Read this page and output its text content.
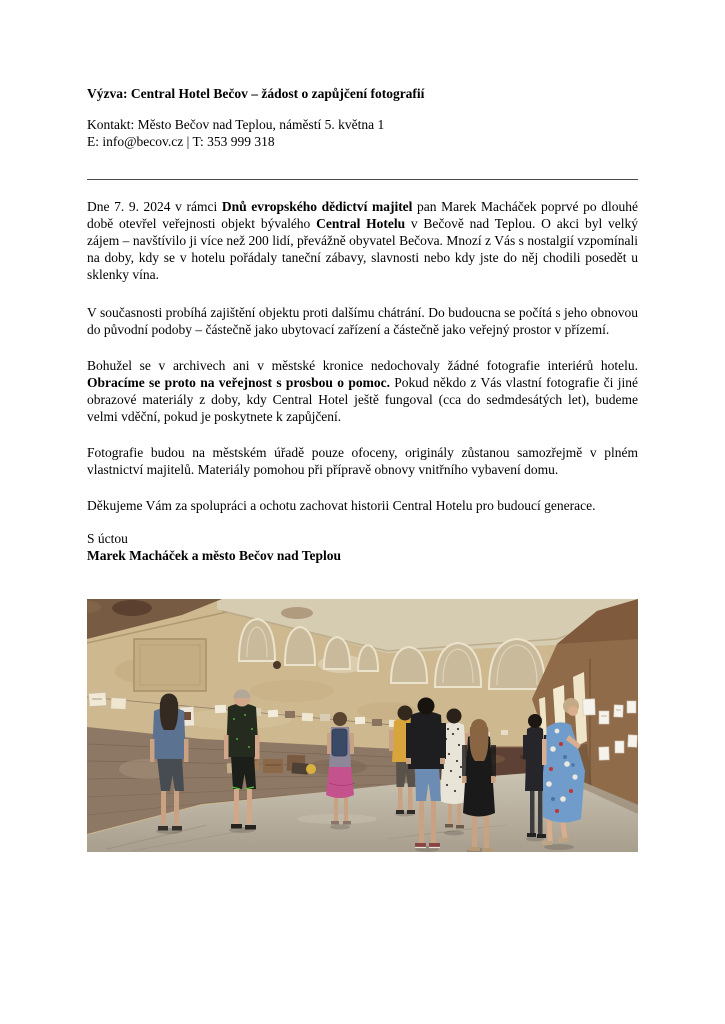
Výzva: Central Hotel Bečov – žádost o zapůjčení fotografií
Kontakt: Město Bečov nad Teplou, náměstí 5. května 1
E: info@becov.cz | T: 353 999 318

Dne 7. 9. 2024 v rámci Dnů evropského dědictví majitel pan Marek Macháček poprvé po dlouhé době otevřel veřejnosti objekt bývalého Central Hotelu v Bečově nad Teplou. O akci byl velký zájem – navštívilo ji více než 200 lidí, převážně obyvatel Bečova. Mnozí z Vás s nostalgií vzpomínali na doby, kdy se v hotelu pořádaly taneční zábavy, slavnosti nebo kdy jste do něj chodili posedět u sklenky vína.

V současnosti probíhá zajištění objektu proti dalšímu chátrání. Do budoucna se počítá s jeho obnovou do původní podoby – částečně jako ubytovací zařízení a částečně jako veřejný prostor v přízemí.

Bohužel se v archivech ani v městské kronice nedochovaly žádné fotografie interiérů hotelu. Obracíme se proto na veřejnost s prosbou o pomoc. Pokud někdo z Vás vlastní fotografie či jiné obrazové materiály z doby, kdy Central Hotel ještě fungoval (cca do sedmdesátých let), budeme velmi vděční, pokud je poskytnete k zapůjčení.

Fotografie budou na městském úřadě pouze ofoceny, originály zůstanou samozřejmě v plném vlastnictví majitelů. Materiály pomohou při přípravě obnovy vnitřního vybavení domu.

Děkujeme Vám za spolupráci a ochotu zachovat historii Central Hotelu pro budoucí generace.

S úctou

Marek Macháček a město Bečov nad Teplou
